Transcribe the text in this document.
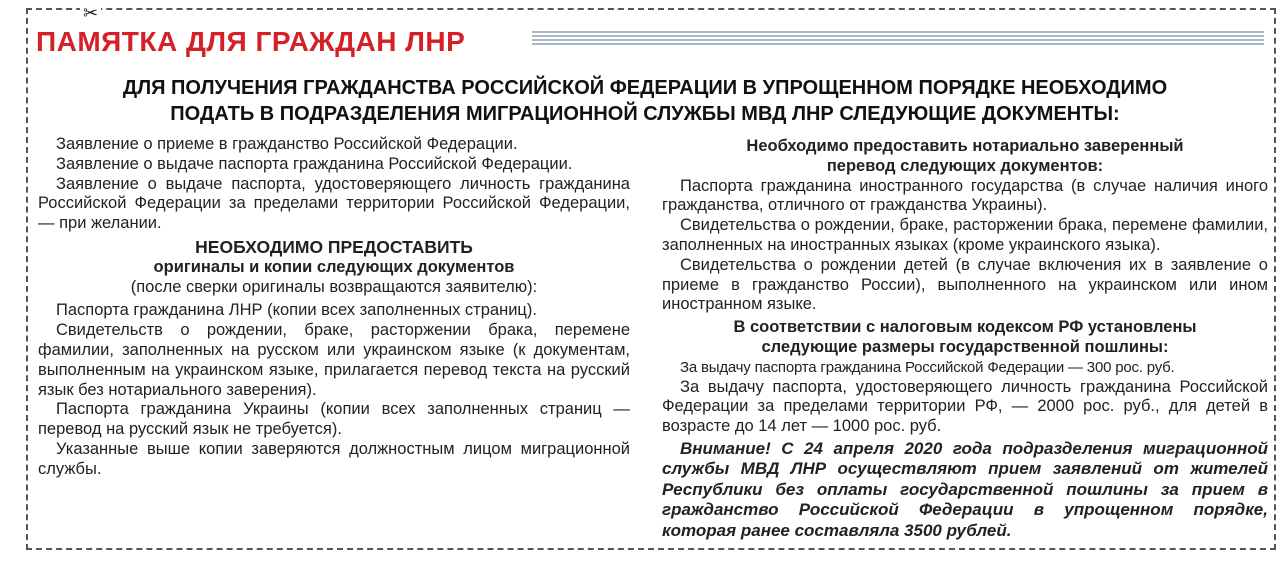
✂
ПАМЯТКА ДЛЯ ГРАЖДАН ЛНР
ДЛЯ ПОЛУЧЕНИЯ ГРАЖДАНСТВА РОССИЙСКОЙ ФЕДЕРАЦИИ В УПРОЩЕННОМ ПОРЯДКЕ НЕОБХОДИМО
ПОДАТЬ В ПОДРАЗДЕЛЕНИЯ МИГРАЦИОННОЙ СЛУЖБЫ МВД ЛНР СЛЕДУЮЩИЕ ДОКУМЕНТЫ:
Заявление о приеме в гражданство Российской Федерации.
Заявление о выдаче паспорта гражданина Российской Федерации.
Заявление о выдаче паспорта, удостоверяющего личность гражданина Российской Федерации за пределами территории Российской Федерации, — при желании.
НЕОБХОДИМО ПРЕДОСТАВИТЬ
оригиналы и копии следующих документов
(после сверки оригиналы возвращаются заявителю):
Паспорта гражданина ЛНР (копии всех заполненных страниц).
Свидетельств о рождении, браке, расторжении брака, перемене фамилии, заполненных на русском или украинском языке (к документам, выполненным на украинском языке, прилагается перевод текста на русский язык без нотариального заверения).
Паспорта гражданина Украины (копии всех заполненных страниц — перевод на русский язык не требуется).
Указанные выше копии заверяются должностным лицом миграционной службы.
Необходимо предоставить нотариально заверенный
перевод следующих документов:
Паспорта гражданина иностранного государства (в случае наличия иного гражданства, отличного от гражданства Украины).
Свидетельства о рождении, браке, расторжении брака, перемене фамилии, заполненных на иностранных языках (кроме украинского языка).
Свидетельства о рождении детей (в случае включения их в заявление о приеме в гражданство России), выполненного на украинском или ином иностранном языке.
В соответствии с налоговым кодексом РФ установлены
следующие размеры государственной пошлины:
За выдачу паспорта гражданина Российской Федерации — 300 рос. руб.
За выдачу паспорта, удостоверяющего личность гражданина Российской Федерации за пределами территории РФ, — 2000 рос. руб., для детей в возрасте до 14 лет — 1000 рос. руб.
Внимание! С 24 апреля 2020 года подразделения миграционной службы МВД ЛНР осуществляют прием заявлений от жителей Республики без оплаты государственной пошлины за прием в гражданство Российской Федерации в упрощенном порядке, которая ранее составляла 3500 рублей.
